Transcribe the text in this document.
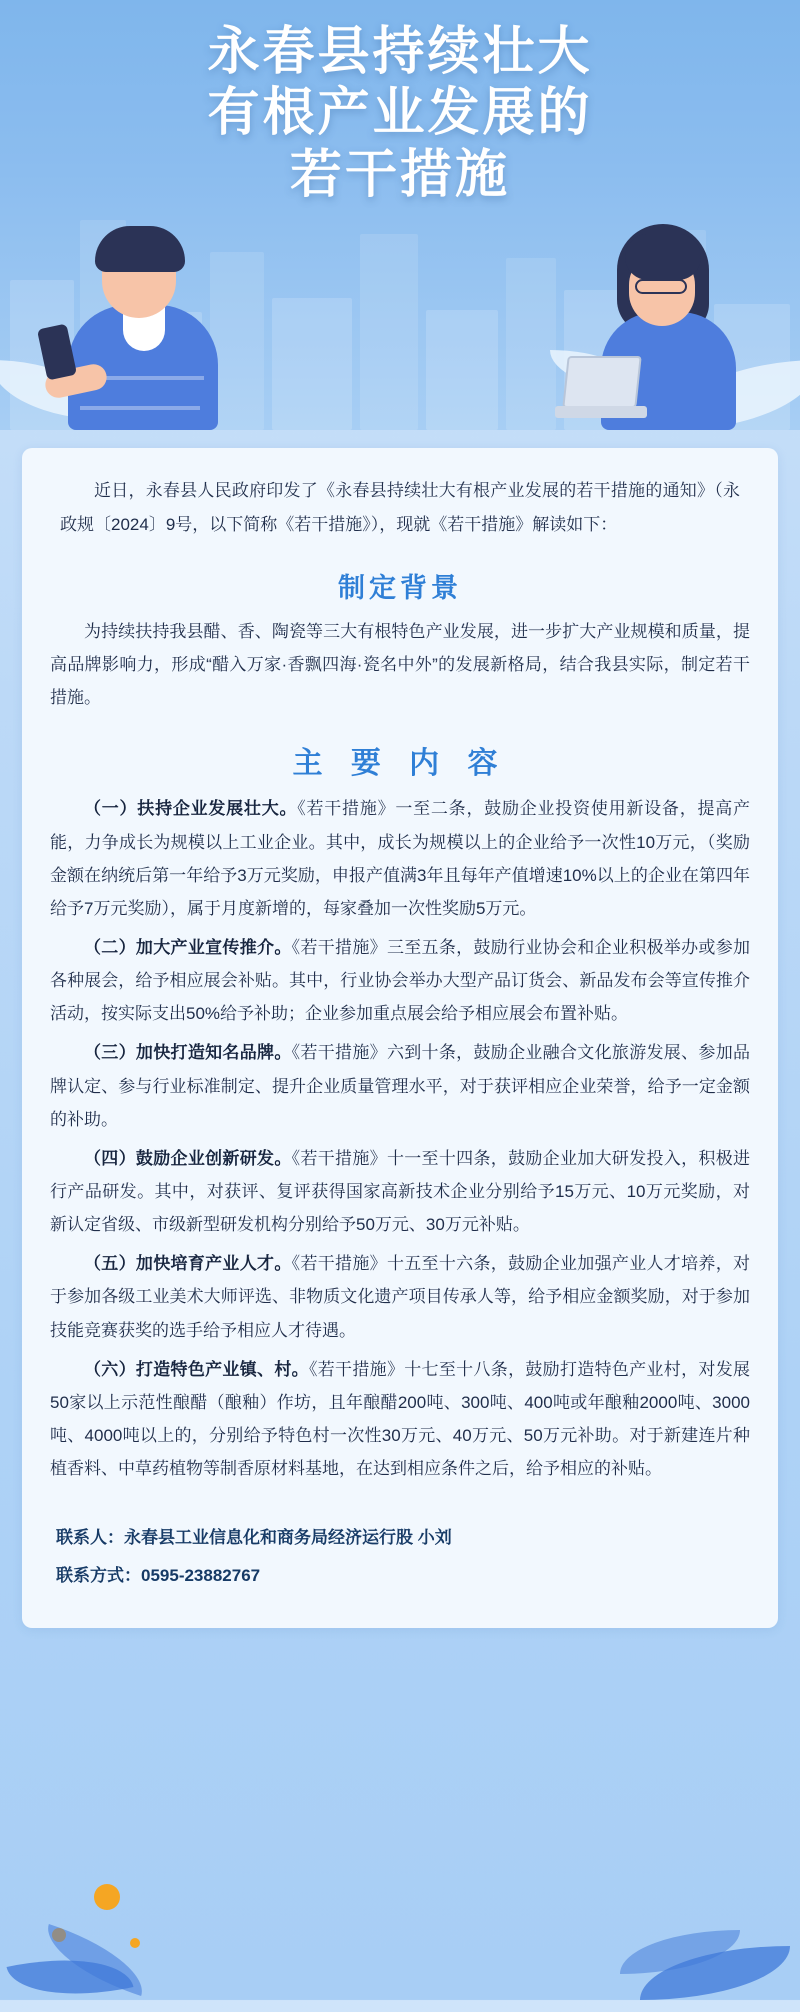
永春县持续壮大
有根产业发展的
若干措施

近日，永春县人民政府印发了《永春县持续壮大有根产业发展的若干措施的通知》（永政规〔2024〕9号，以下简称《若干措施》），现就《若干措施》解读如下：

制定背景

为持续扶持我县醋、香、陶瓷等三大有根特色产业发展，进一步扩大产业规模和质量，提高品牌影响力，形成“醋入万家·香飘四海·瓷名中外”的发展新格局，结合我县实际，制定若干措施。

主 要 内 容

（一）扶持企业发展壮大。《若干措施》一至二条，鼓励企业投资使用新设备，提高产能，力争成长为规模以上工业企业。其中，成长为规模以上的企业给予一次性10万元，（奖励金额在纳统后第一年给予3万元奖励，申报产值满3年且每年产值增速10%以上的企业在第四年给予7万元奖励），属于月度新增的，每家叠加一次性奖励5万元。

（二）加大产业宣传推介。《若干措施》三至五条，鼓励行业协会和企业积极举办或参加各种展会，给予相应展会补贴。其中，行业协会举办大型产品订货会、新品发布会等宣传推介活动，按实际支出50%给予补助；企业参加重点展会给予相应展会布置补贴。

（三）加快打造知名品牌。《若干措施》六到十条，鼓励企业融合文化旅游发展、参加品牌认定、参与行业标准制定、提升企业质量管理水平，对于获评相应企业荣誉，给予一定金额的补助。

（四）鼓励企业创新研发。《若干措施》十一至十四条，鼓励企业加大研发投入，积极进行产品研发。其中，对获评、复评获得国家高新技术企业分别给予15万元、10万元奖励，对新认定省级、市级新型研发机构分别给予50万元、30万元补贴。

（五）加快培育产业人才。《若干措施》十五至十六条，鼓励企业加强产业人才培养，对于参加各级工业美术大师评选、非物质文化遗产项目传承人等，给予相应金额奖励，对于参加技能竞赛获奖的选手给予相应人才待遇。

（六）打造特色产业镇、村。《若干措施》十七至十八条，鼓励打造特色产业村，对发展50家以上示范性酿醋（酿釉）作坊，且年酿醋200吨、300吨、400吨或年酿釉2000吨、3000吨、4000吨以上的，分别给予特色村一次性30万元、40万元、50万元补助。对于新建连片种植香料、中草药植物等制香原材料基地，在达到相应条件之后，给予相应的补贴。

联系人：永春县工业信息化和商务局经济运行股 小刘
联系方式：0595-23882767
